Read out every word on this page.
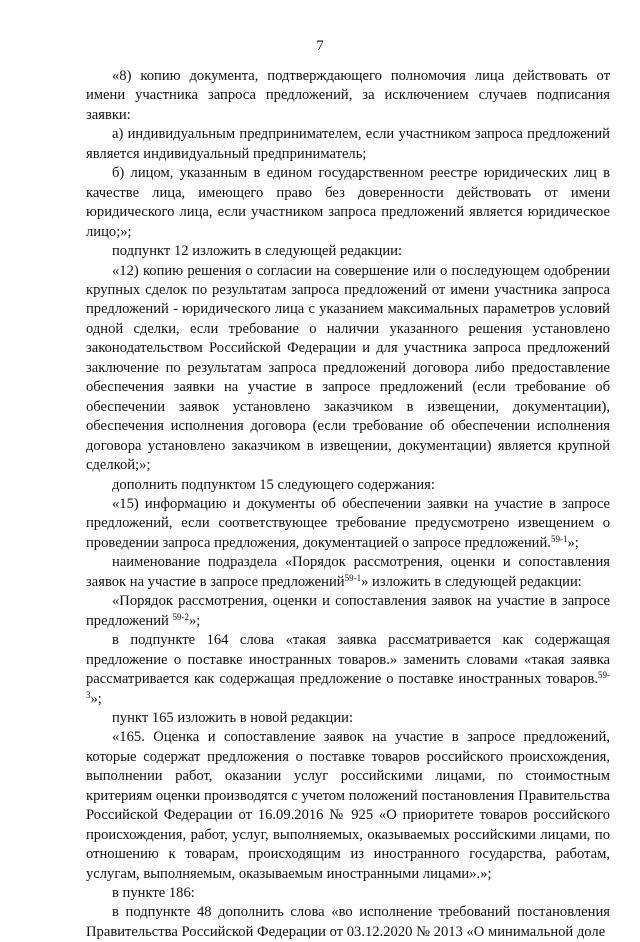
7

«8) копию документа, подтверждающего полномочия лица действовать от имени участника запроса предложений, за исключением случаев подписания заявки:

а) индивидуальным предпринимателем, если участником запроса предложений является индивидуальный предприниматель;

б) лицом, указанным в едином государственном реестре юридических лиц в качестве лица, имеющего право без доверенности действовать от имени юридического лица, если участником запроса предложений является юридическое лицо;»;

подпункт 12 изложить в следующей редакции:

«12) копию решения о согласии на совершение или о последующем одобрении крупных сделок по результатам запроса предложений от имени участника запроса предложений - юридического лица с указанием максимальных параметров условий одной сделки, если требование о наличии указанного решения установлено законодательством Российской Федерации и для участника запроса предложений заключение по результатам запроса предложений договора либо предоставление обеспечения заявки на участие в запросе предложений (если требование об обеспечении заявок установлено заказчиком в извещении, документации), обеспечения исполнения договора (если требование об обеспечении исполнения договора установлено заказчиком в извещении, документации) является крупной сделкой;»;

дополнить подпунктом 15 следующего содержания:

«15) информацию и документы об обеспечении заявки на участие в запросе предложений, если соответствующее требование предусмотрено извещением о проведении запроса предложения, документацией о запросе предложений.$^{59-1}$»;

наименование подраздела «Порядок рассмотрения, оценки и сопоставления заявок на участие в запросе предложений$^{59-1}$» изложить в следующей редакции:

«Порядок рассмотрения, оценки и сопоставления заявок на участие в запросе предложений $^{59-2}$»;

в подпункте 164 слова «такая заявка рассматривается как содержащая предложение о поставке иностранных товаров.» заменить словами «такая заявка рассматривается как содержащая предложение о поставке иностранных товаров.$^{59-3}$»;

пункт 165 изложить в новой редакции:

«165. Оценка и сопоставление заявок на участие в запросе предложений, которые содержат предложения о поставке товаров российского происхождения, выполнении работ, оказании услуг российскими лицами, по стоимостным критериям оценки производятся с учетом положений постановления Правительства Российской Федерации от 16.09.2016 № 925 «О приоритете товаров российского происхождения, работ, услуг, выполняемых, оказываемых российскими лицами, по отношению к товарам, происходящим из иностранного государства, работам, услугам, выполняемым, оказываемым иностранными лицами».»;

в пункте 186:

в подпункте 48 дополнить слова «во исполнение требований постановления Правительства Российской Федерации от 03.12.2020 № 2013 «О минимальной доле
